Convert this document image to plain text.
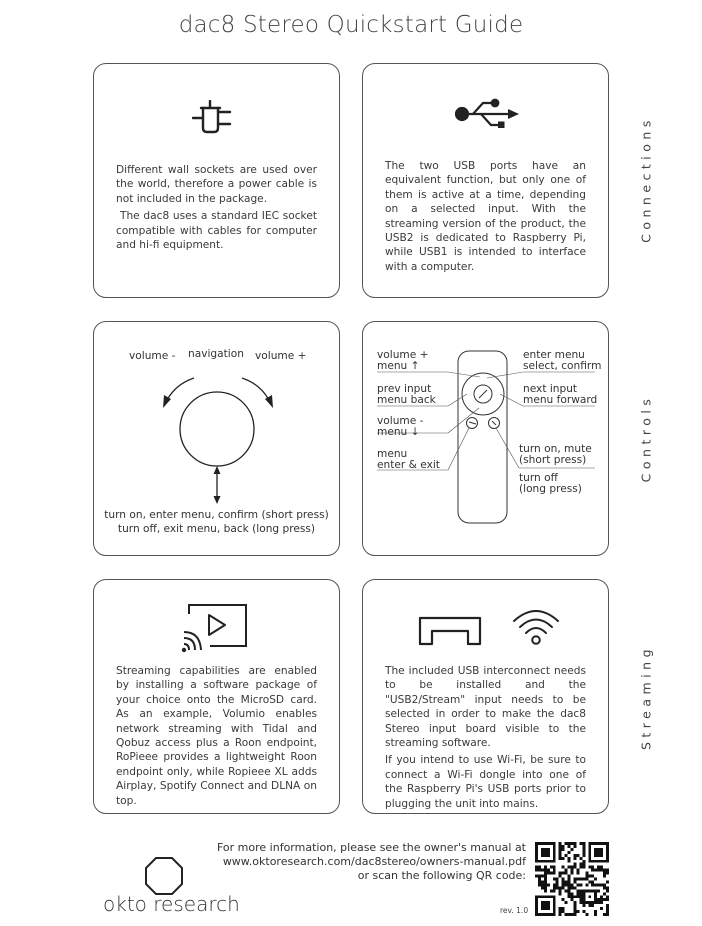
dac8 Stereo Quickstart Guide

Different wall sockets are used over the world, therefore a power cable is not included in the package.

The dac8 uses a standard IEC socket compatible with cables for computer and hi-fi equipment.

The two USB ports have an equivalent function, but only one of them is active at a time, depending on a selected input. With the streaming version of the product, the USB2 is dedicated to Raspberry Pi, while USB1 is intended to interface with a computer.

volume - navigation volume +
turn on, enter menu, confirm (short press)
turn off, exit menu, back (long press)
volume +
menu ↑
prev input
menu back
volume -
menu ↓
menu
enter & exit
enter menu
select, confirm
next input
menu forward
turn on, mute
(short press)
turn off
(long press)

Streaming capabilities are enabled by installing a software package of your choice onto the MicroSD card. As an example, Volumio enables network streaming with Tidal and Qobuz access plus a Roon endpoint, RoPieee provides a lightweight Roon endpoint only, while Ropieee XL adds Airplay, Spotify Connect and DLNA on top.

The included USB interconnect needs to be installed and the "USB2/Stream" input needs to be selected in order to make the dac8 Stereo input board visible to the streaming software.

If you intend to use Wi-Fi, be sure to connect a Wi-Fi dongle into one of the Raspberry Pi's USB ports prior to plugging the unit into mains.

Connections
Controls
Streaming
okto research
For more information, please see the owner's manual at
www.oktoresearch.com/dac8stereo/owners-manual.pdf
or scan the following QR code:
rev. 1.0
